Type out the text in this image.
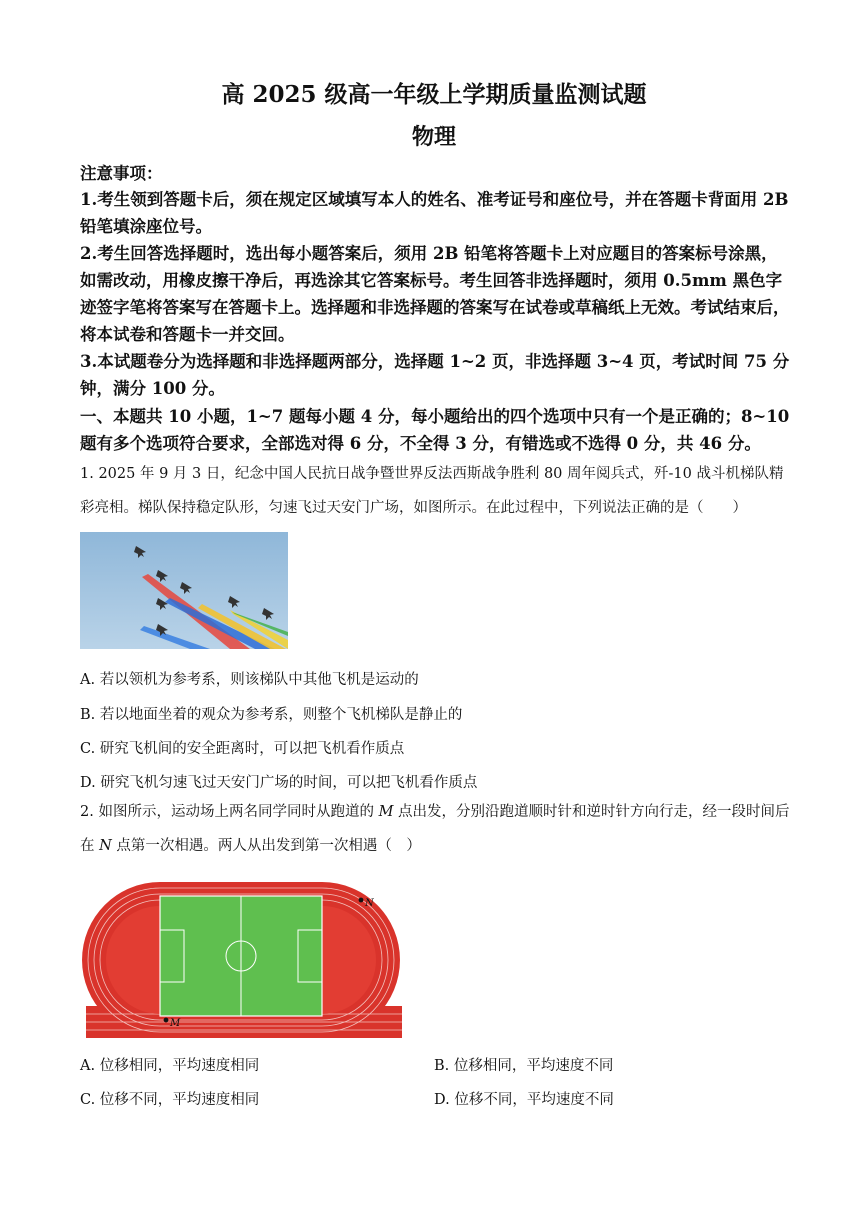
高 2025 级高一年级上学期质量监测试题
物理
注意事项：
1.考生领到答题卡后，须在规定区域填写本人的姓名、准考证号和座位号，并在答题卡背面用 2B 铅笔填涂座位号。
2.考生回答选择题时，选出每小题答案后，须用 2B 铅笔将答题卡上对应题目的答案标号涂黑，如需改动，用橡皮擦干净后，再选涂其它答案标号。考生回答非选择题时，须用 0.5mm 黑色字迹签字笔将答案写在答题卡上。选择题和非选择题的答案写在试卷或草稿纸上无效。考试结束后，将本试卷和答题卡一并交回。
3.本试题卷分为选择题和非选择题两部分，选择题 1~2 页，非选择题 3~4 页，考试时间 75 分钟，满分 100 分。
一、本题共 10 小题，1~7 题每小题 4 分，每小题给出的四个选项中只有一个是正确的；8~10 题有多个选项符合要求，全部选对得 6 分，不全得 3 分，有错选或不选得 0 分，共 46 分。
1. 2025 年 9 月 3 日，纪念中国人民抗日战争暨世界反法西斯战争胜利 80 周年阅兵式，歼-10 战斗机梯队精彩亮相。梯队保持稳定队形，匀速飞过天安门广场，如图所示。在此过程中，下列说法正确的是（　　）
A. 若以领机为参考系，则该梯队中其他飞机是运动的
B. 若以地面坐着的观众为参考系，则整个飞机梯队是静止的
C. 研究飞机间的安全距离时，可以把飞机看作质点
D. 研究飞机匀速飞过天安门广场的时间，可以把飞机看作质点
2. 如图所示，运动场上两名同学同时从跑道的 M 点出发，分别沿跑道顺时针和逆时针方向行走，经一段时间后在 N 点第一次相遇。两人从出发到第一次相遇（　）
N
M
A. 位移相同，平均速度相同	B. 位移相同，平均速度不同
C. 位移不同，平均速度相同	D. 位移不同，平均速度不同
